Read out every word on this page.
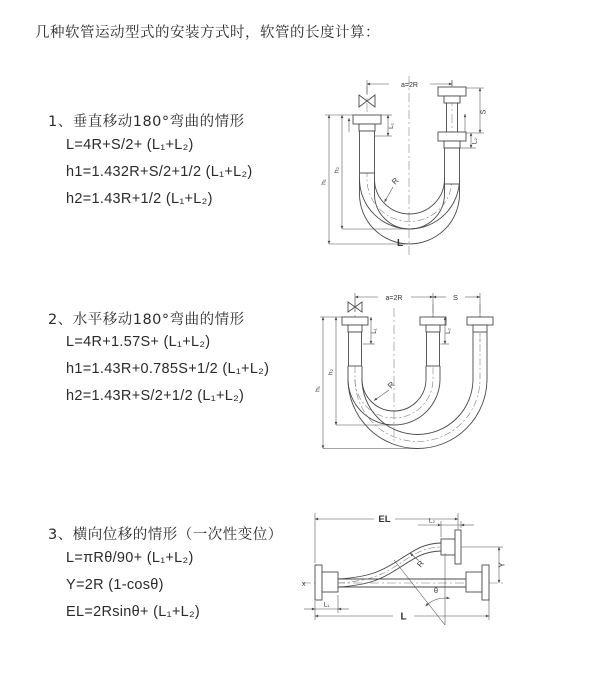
几种软管运动型式的安装方式时，软管的长度计算：
1、垂直移动180°弯曲的情形
L=4R+S/2+ (L₁+L₂)
h1=1.432R+S/2+1/2 (L₁+L₂)
h2=1.43R+1/2 (L₁+L₂)
2、水平移动180°弯曲的情形
L=4R+1.57S+ (L₁+L₂)
h1=1.43R+0.785S+1/2 (L₁+L₂)
h2=1.43R+S/2+1/2 (L₁+L₂)
3、横向位移的情形（一次性变位）
L=πRθ/90+ (L₁+L₂)
Y=2R (1-cosθ)
EL=2Rsinθ+ (L₁+L₂)
a=2R
S
L₂
L₁
h₂
h₁	R
L
a=2R	S
h₂
h₁
L₁	L₂
R
EL	L₂
Y
R
θ
L
L₁
x
